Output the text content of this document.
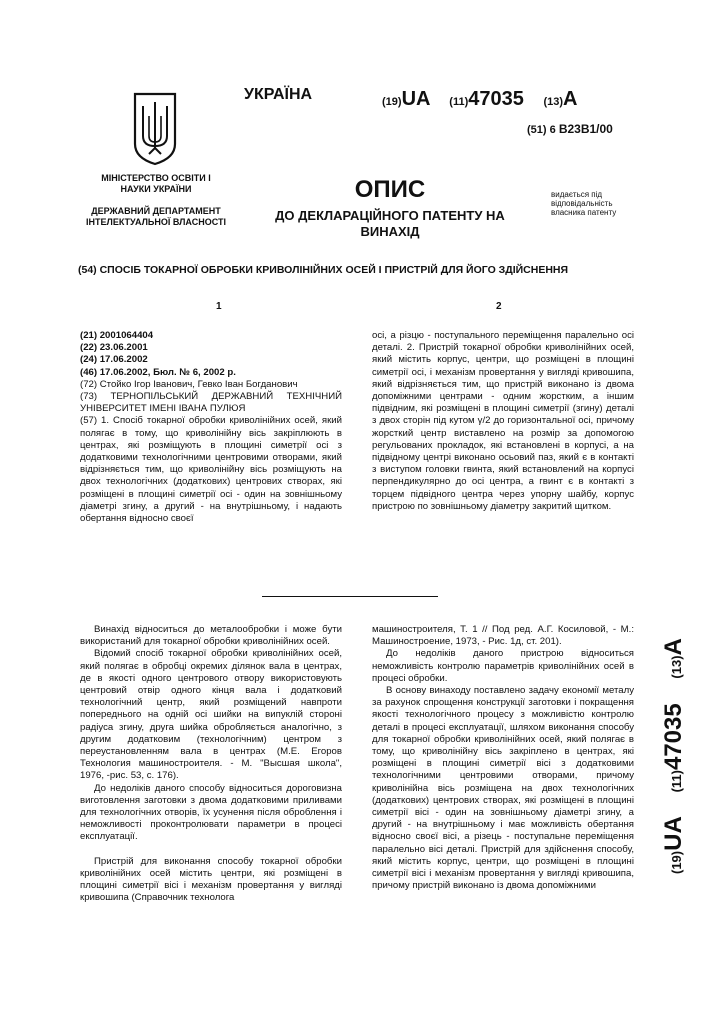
УКРАЇНА	(19)UA (11)47035 (13)A
(51) 6 B23B1/00
МІНІСТЕРСТВО ОСВІТИ І НАУКИ УКРАЇНИ
ДЕРЖАВНИЙ ДЕПАРТАМЕНТ ІНТЕЛЕКТУАЛЬНОЇ ВЛАСНОСТІ
ОПИС
ДО ДЕКЛАРАЦІЙНОГО ПАТЕНТУ НА ВИНАХІД
видається під відповідальність власника патенту
(54) СПОСІБ ТОКАРНОЇ ОБРОБКИ КРИВОЛІНІЙНИХ ОСЕЙ І ПРИСТРІЙ ДЛЯ ЙОГО ЗДІЙСНЕННЯ
1	2

(21) 2001064404

(22) 23.06.2001

(24) 17.06.2002

(46) 17.06.2002, Бюл. № 6, 2002 р.

(72) Стойко Ігор Іванович, Гевко Іван Богданович

(73) ТЕРНОПІЛЬСЬКИЙ ДЕРЖАВНИЙ ТЕХНІЧНИЙ УНІВЕРСИТЕТ ІМЕНІ ІВАНА ПУЛЮЯ

(57) 1. Спосіб токарної обробки криволінійних осей, який полягає в тому, що криволінійну вісь закріплюють в центрах, які розміщують в площині симетрії осі з додатковими технологічними центровими отворами, який відрізняється тим, що криволінійну вісь розміщують на двох технологічних (додаткових) центрових створах, які розміщені в площині симетрії осі - один на зовнішньому діаметрі згину, а другий - на внутрішньому, і надають обертання відносно своєї

осі, а різцю - поступального переміщення паралельно осі деталі. 2. Пристрій токарної обробки криволінійних осей, який містить корпус, центри, що розміщені в площині симетрії осі, і механізм провертання у вигляді кривошипа, який відрізняється тим, що пристрій виконано із двома допоміжними центрами - одним жорстким, а іншим підвідним, які розміщені в площині симетрії (згину) деталі з двох сторін під кутом γ/2 до горизонтальної осі, причому жорсткий центр виставлено на розмір за допомогою регульованих прокладок, які встановлені в корпусі, а на підвідному центрі виконано осьовий паз, який є в контакті з виступом головки гвинта, який встановлений на корпусі перпендикулярно до осі центра, а гвинт є в контакті з торцем підвідного центра через упорну шайбу, корпус пристрою по зовнішньому діаметру закритий щитком.
(19)UA (11)47035 (13)A

Винахід відноситься до металообробки і може бути використаний для токарної обробки криволінійних осей.

Відомий спосіб токарної обробки криволінійних осей, який полягає в обробці окремих ділянок вала в центрах, де в якості одного центрового отвору використовують центровий отвір одного кінця вала і додатковий технологічний центр, який розміщений навпроти попереднього на одній осі шийки на випуклій стороні радіуса згину, друга шийка обробляється аналогічно, з другим додатковим (технологічним) центром з переустановленням вала в центрах (М.Е. Егоров Технология машиностроителя. - М. "Высшая школа", 1976, -рис. 53, с. 176).

До недоліків даного способу відноситься дороговизна виготовлення заготовки з двома додатковими приливами для технологічних отворів, їх усунення після оброблення і неможливості проконтролювати параметри в процесі експлуатації.

Пристрій для виконання способу токарної обробки криволінійних осей містить центри, які розміщені в площині симетрії вісі і механізм провертання у вигляді кривошипа (Справочник технолога

машиностроителя, Т. 1 // Под ред. А.Г. Косиловой, - М.: Машиностроение, 1973, - Рис. 1д, ст. 201).

До недоліків даного пристрою відноситься неможливість контролю параметрів криволінійних осей в процесі обробки.

В основу винаходу поставлено задачу економії металу за рахунок спрощення конструкції заготовки і покращення якості технологічного процесу з можливістю контролю деталі в процесі експлуатації, шляхом виконання способу для токарної обробки криволінійних осей, який полягає в тому, що криволінійну вісь закріплено в центрах, які розміщені в площині симетрії вісі з додатковими технологічними центровими отворами, причому криволінійна вісь розміщена на двох технологічних (додаткових) центрових створах, які розміщені в площині симетрії вісі - один на зовнішньому діаметрі згину, а другий - на внутрішньому і має можливість обертання відносно своєї вісі, а різець - поступальне переміщення паралельно вісі деталі. Пристрій для здійснення способу, який містить корпус, центри, що розміщені в площині симетрії вісі і механізм провертання у вигляді кривошипа, причому пристрій виконано із двома допоміжними
